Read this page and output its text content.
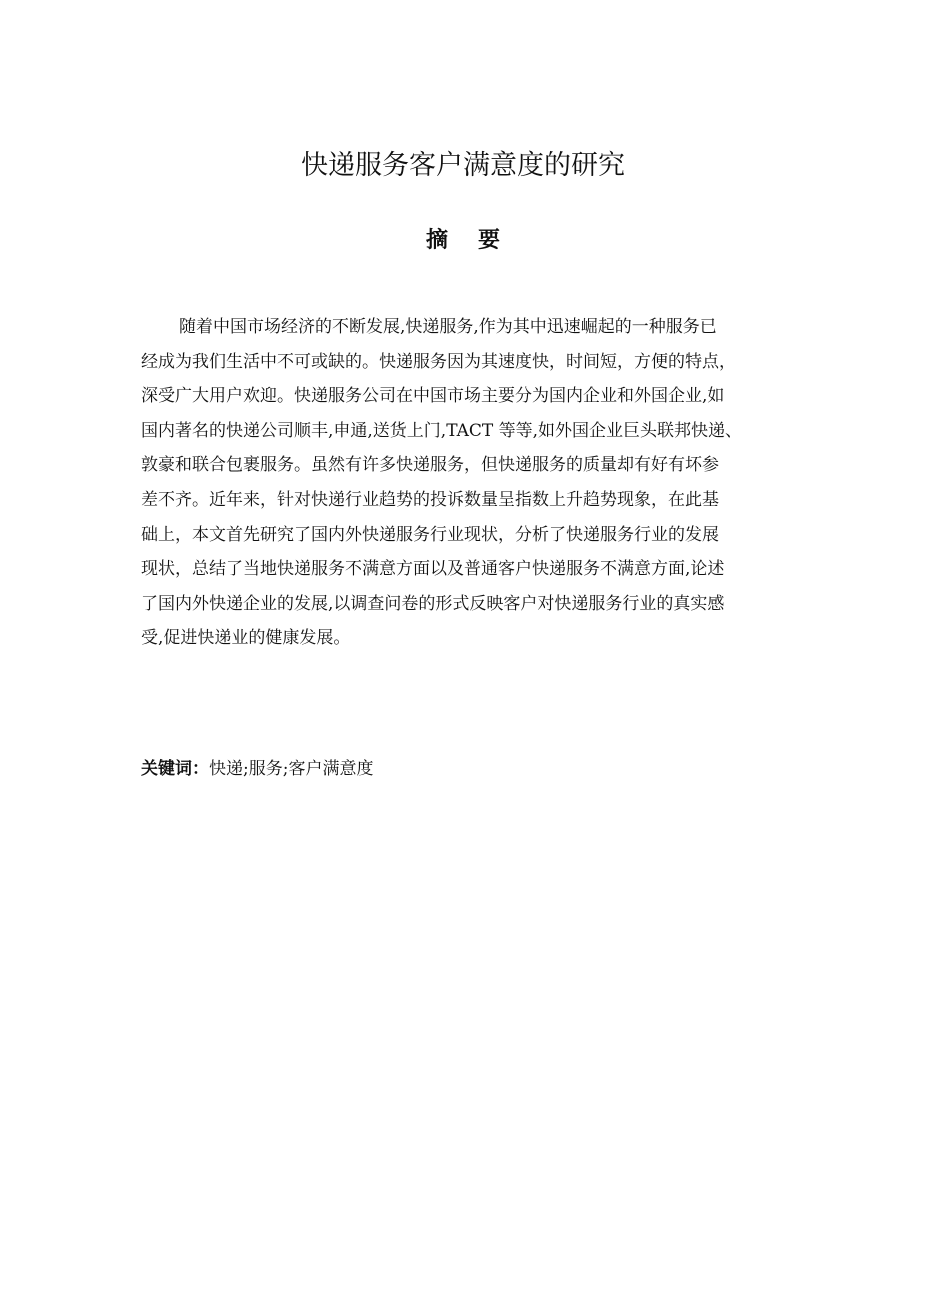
快递服务客户满意度的研究
摘 要
随着中国市场经济的不断发展,快递服务,作为其中迅速崛起的一种服务已
经成为我们生活中不可或缺的。快递服务因为其速度快，时间短，方便的特点，
深受广大用户欢迎。快递服务公司在中国市场主要分为国内企业和外国企业,如
国内著名的快递公司顺丰,申通,送货上门,TACT 等等,如外国企业巨头联邦快递、
敦豪和联合包裹服务。虽然有许多快递服务，但快递服务的质量却有好有坏参
差不齐。近年来，针对快递行业趋势的投诉数量呈指数上升趋势现象，在此基
础上，本文首先研究了国内外快递服务行业现状，分析了快递服务行业的发展
现状，总结了当地快递服务不满意方面以及普通客户快递服务不满意方面,论述
了国内外快递企业的发展,以调查问卷的形式反映客户对快递服务行业的真实感
受,促进快递业的健康发展。
关键词：快递;服务;客户满意度
